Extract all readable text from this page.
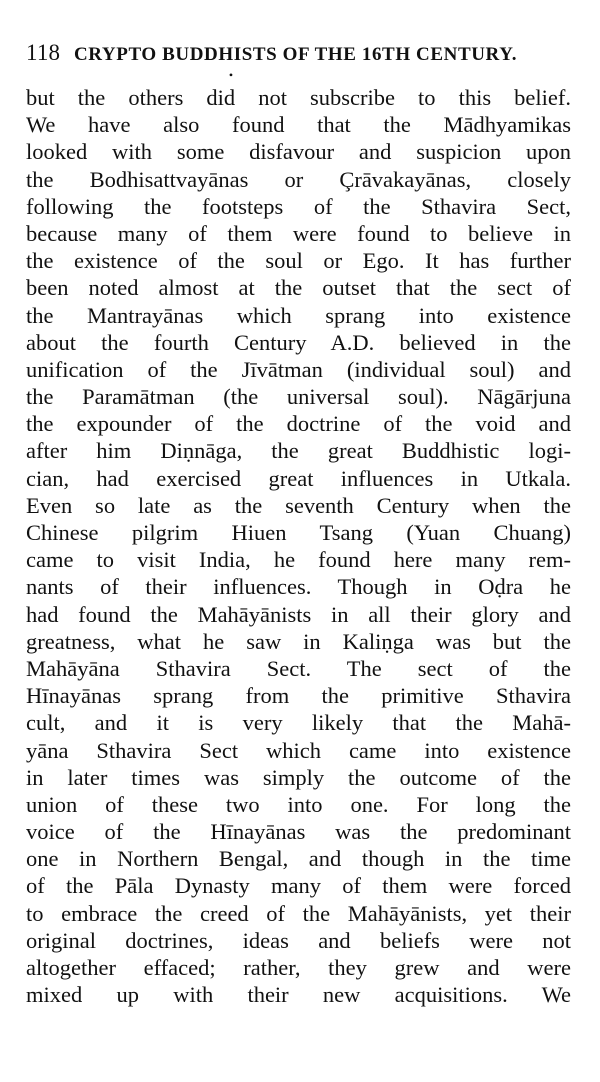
118 CRYPTO BUDDHISTS OF THE 16TH CENTURY.
•
but the others did not subscribe to this belief.
We have also found that the Mādhyamikas
looked with some disfavour and suspicion upon
the Bodhisattvayānas or Çrāvakayānas, closely
following the footsteps of the Sthavira Sect,
because many of them were found to believe in
the existence of the soul or Ego. It has further
been noted almost at the outset that the sect of
the Mantrayānas which sprang into existence
about the fourth Century A.D. believed in the
unification of the Jīvātman (individual soul) and
the Paramātman (the universal soul). Nāgārjuna
the expounder of the doctrine of the void and
after him Diṇnāga, the great Buddhistic logi-
cian, had exercised great influences in Utkala.
Even so late as the seventh Century when the
Chinese pilgrim Hiuen Tsang (Yuan Chuang)
came to visit India, he found here many rem-
nants of their influences. Though in Oḍra he
had found the Mahāyānists in all their glory and
greatness, what he saw in Kaliṇga was but the
Mahāyāna Sthavira Sect. The sect of the
Hīnayānas sprang from the primitive Sthavira
cult, and it is very likely that the Mahā-
yāna Sthavira Sect which came into existence
in later times was simply the outcome of the
union of these two into one. For long the
voice of the Hīnayānas was the predominant
one in Northern Bengal, and though in the time
of the Pāla Dynasty many of them were forced
to embrace the creed of the Mahāyānists, yet their
original doctrines, ideas and beliefs were not
altogether effaced; rather, they grew and were
mixed up with their new acquisitions. We
